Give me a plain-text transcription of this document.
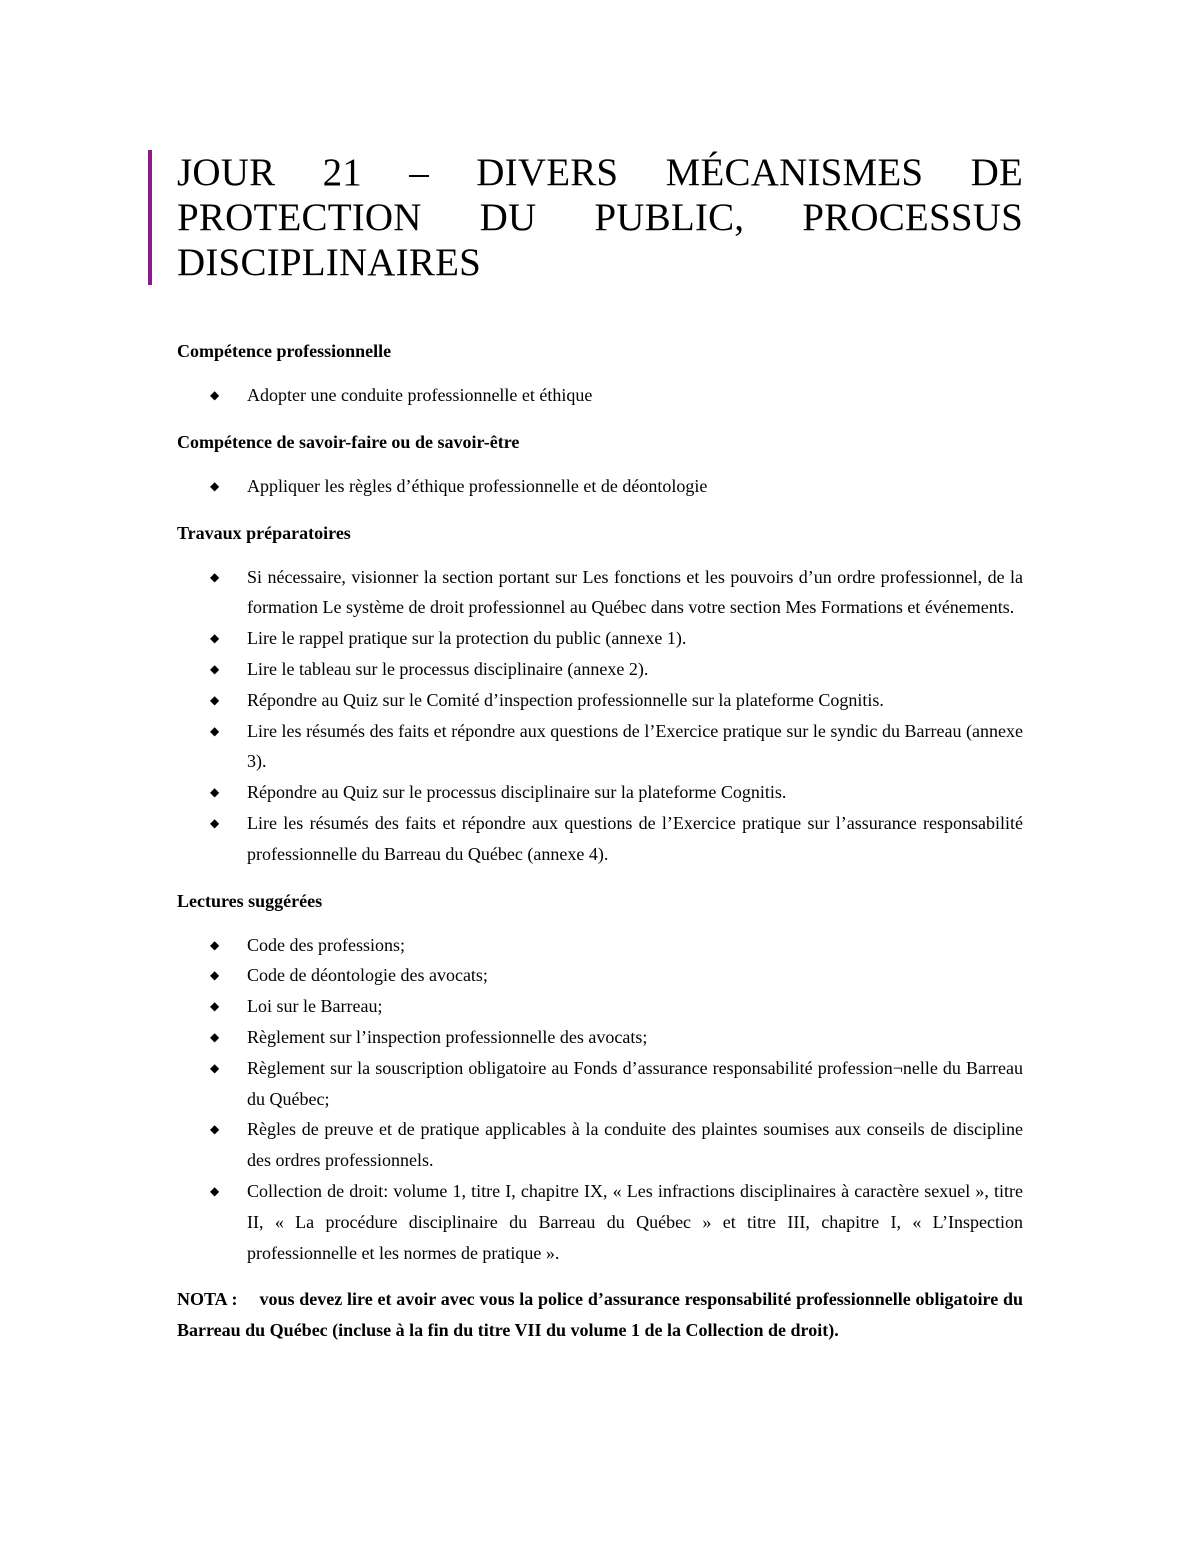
JOUR 21 – DIVERS MÉCANISMES DE PROTECTION DU PUBLIC, PROCESSUS DISCIPLINAIRES

Compétence professionnelle

◆ Adopter une conduite professionnelle et éthique

Compétence de savoir-faire ou de savoir-être

◆ Appliquer les règles d’éthique professionnelle et de déontologie

Travaux préparatoires

◆ Si nécessaire, visionner la section portant sur Les fonctions et les pouvoirs d’un ordre professionnel, de la formation Le système de droit professionnel au Québec dans votre section Mes Formations et événements.
◆ Lire le rappel pratique sur la protection du public (annexe 1).
◆ Lire le tableau sur le processus disciplinaire (annexe 2).
◆ Répondre au Quiz sur le Comité d’inspection professionnelle sur la plateforme Cognitis.
◆ Lire les résumés des faits et répondre aux questions de l’Exercice pratique sur le syndic du Barreau (annexe 3).
◆ Répondre au Quiz sur le processus disciplinaire sur la plateforme Cognitis.
◆ Lire les résumés des faits et répondre aux questions de l’Exercice pratique sur l’assurance responsabilité professionnelle du Barreau du Québec (annexe 4).

Lectures suggérées

◆ Code des professions;
◆ Code de déontologie des avocats;
◆ Loi sur le Barreau;
◆ Règlement sur l’inspection professionnelle des avocats;
◆ Règlement sur la souscription obligatoire au Fonds d’assurance responsabilité profession¬nelle du Barreau du Québec;
◆ Règles de preuve et de pratique applicables à la conduite des plaintes soumises aux conseils de discipline des ordres professionnels.
◆ Collection de droit: volume 1, titre I, chapitre IX, « Les infractions disciplinaires à caractère sexuel », titre II, « La procédure disciplinaire du Barreau du Québec » et titre III, chapitre I, « L’Inspection professionnelle et les normes de pratique ».

NOTA : vous devez lire et avoir avec vous la police d’assurance responsabilité professionnelle obligatoire du Barreau du Québec (incluse à la fin du titre VII du volume 1 de la Collection de droit).
